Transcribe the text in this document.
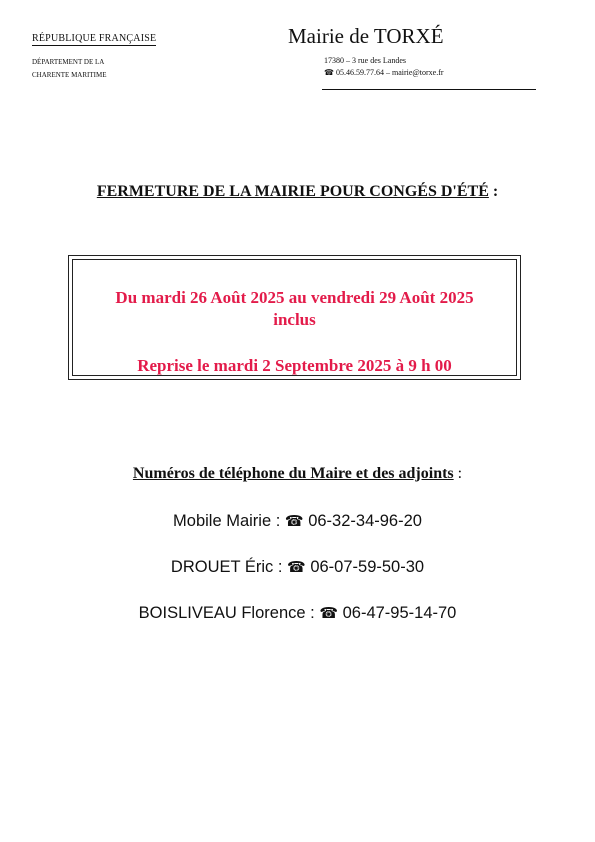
RÉPUBLIQUE FRANÇAISE
DÉPARTEMENT DE LA
CHARENTE MARITIME
Mairie de TORXÉ
17380 – 3 rue des Landes
☎ 05.46.59.77.64 – mairie@torxe.fr
FERMETURE DE LA MAIRIE POUR CONGÉS D'ÉTÉ :
Du mardi 26 Août 2025 au vendredi 29 Août 2025
inclus
Reprise le mardi 2 Septembre 2025 à 9 h 00
Numéros de téléphone du Maire et des adjoints :
Mobile Mairie : ☎ 06-32-34-96-20
DROUET Éric : ☎ 06-07-59-50-30
BOISLIVEAU Florence : ☎ 06-47-95-14-70
